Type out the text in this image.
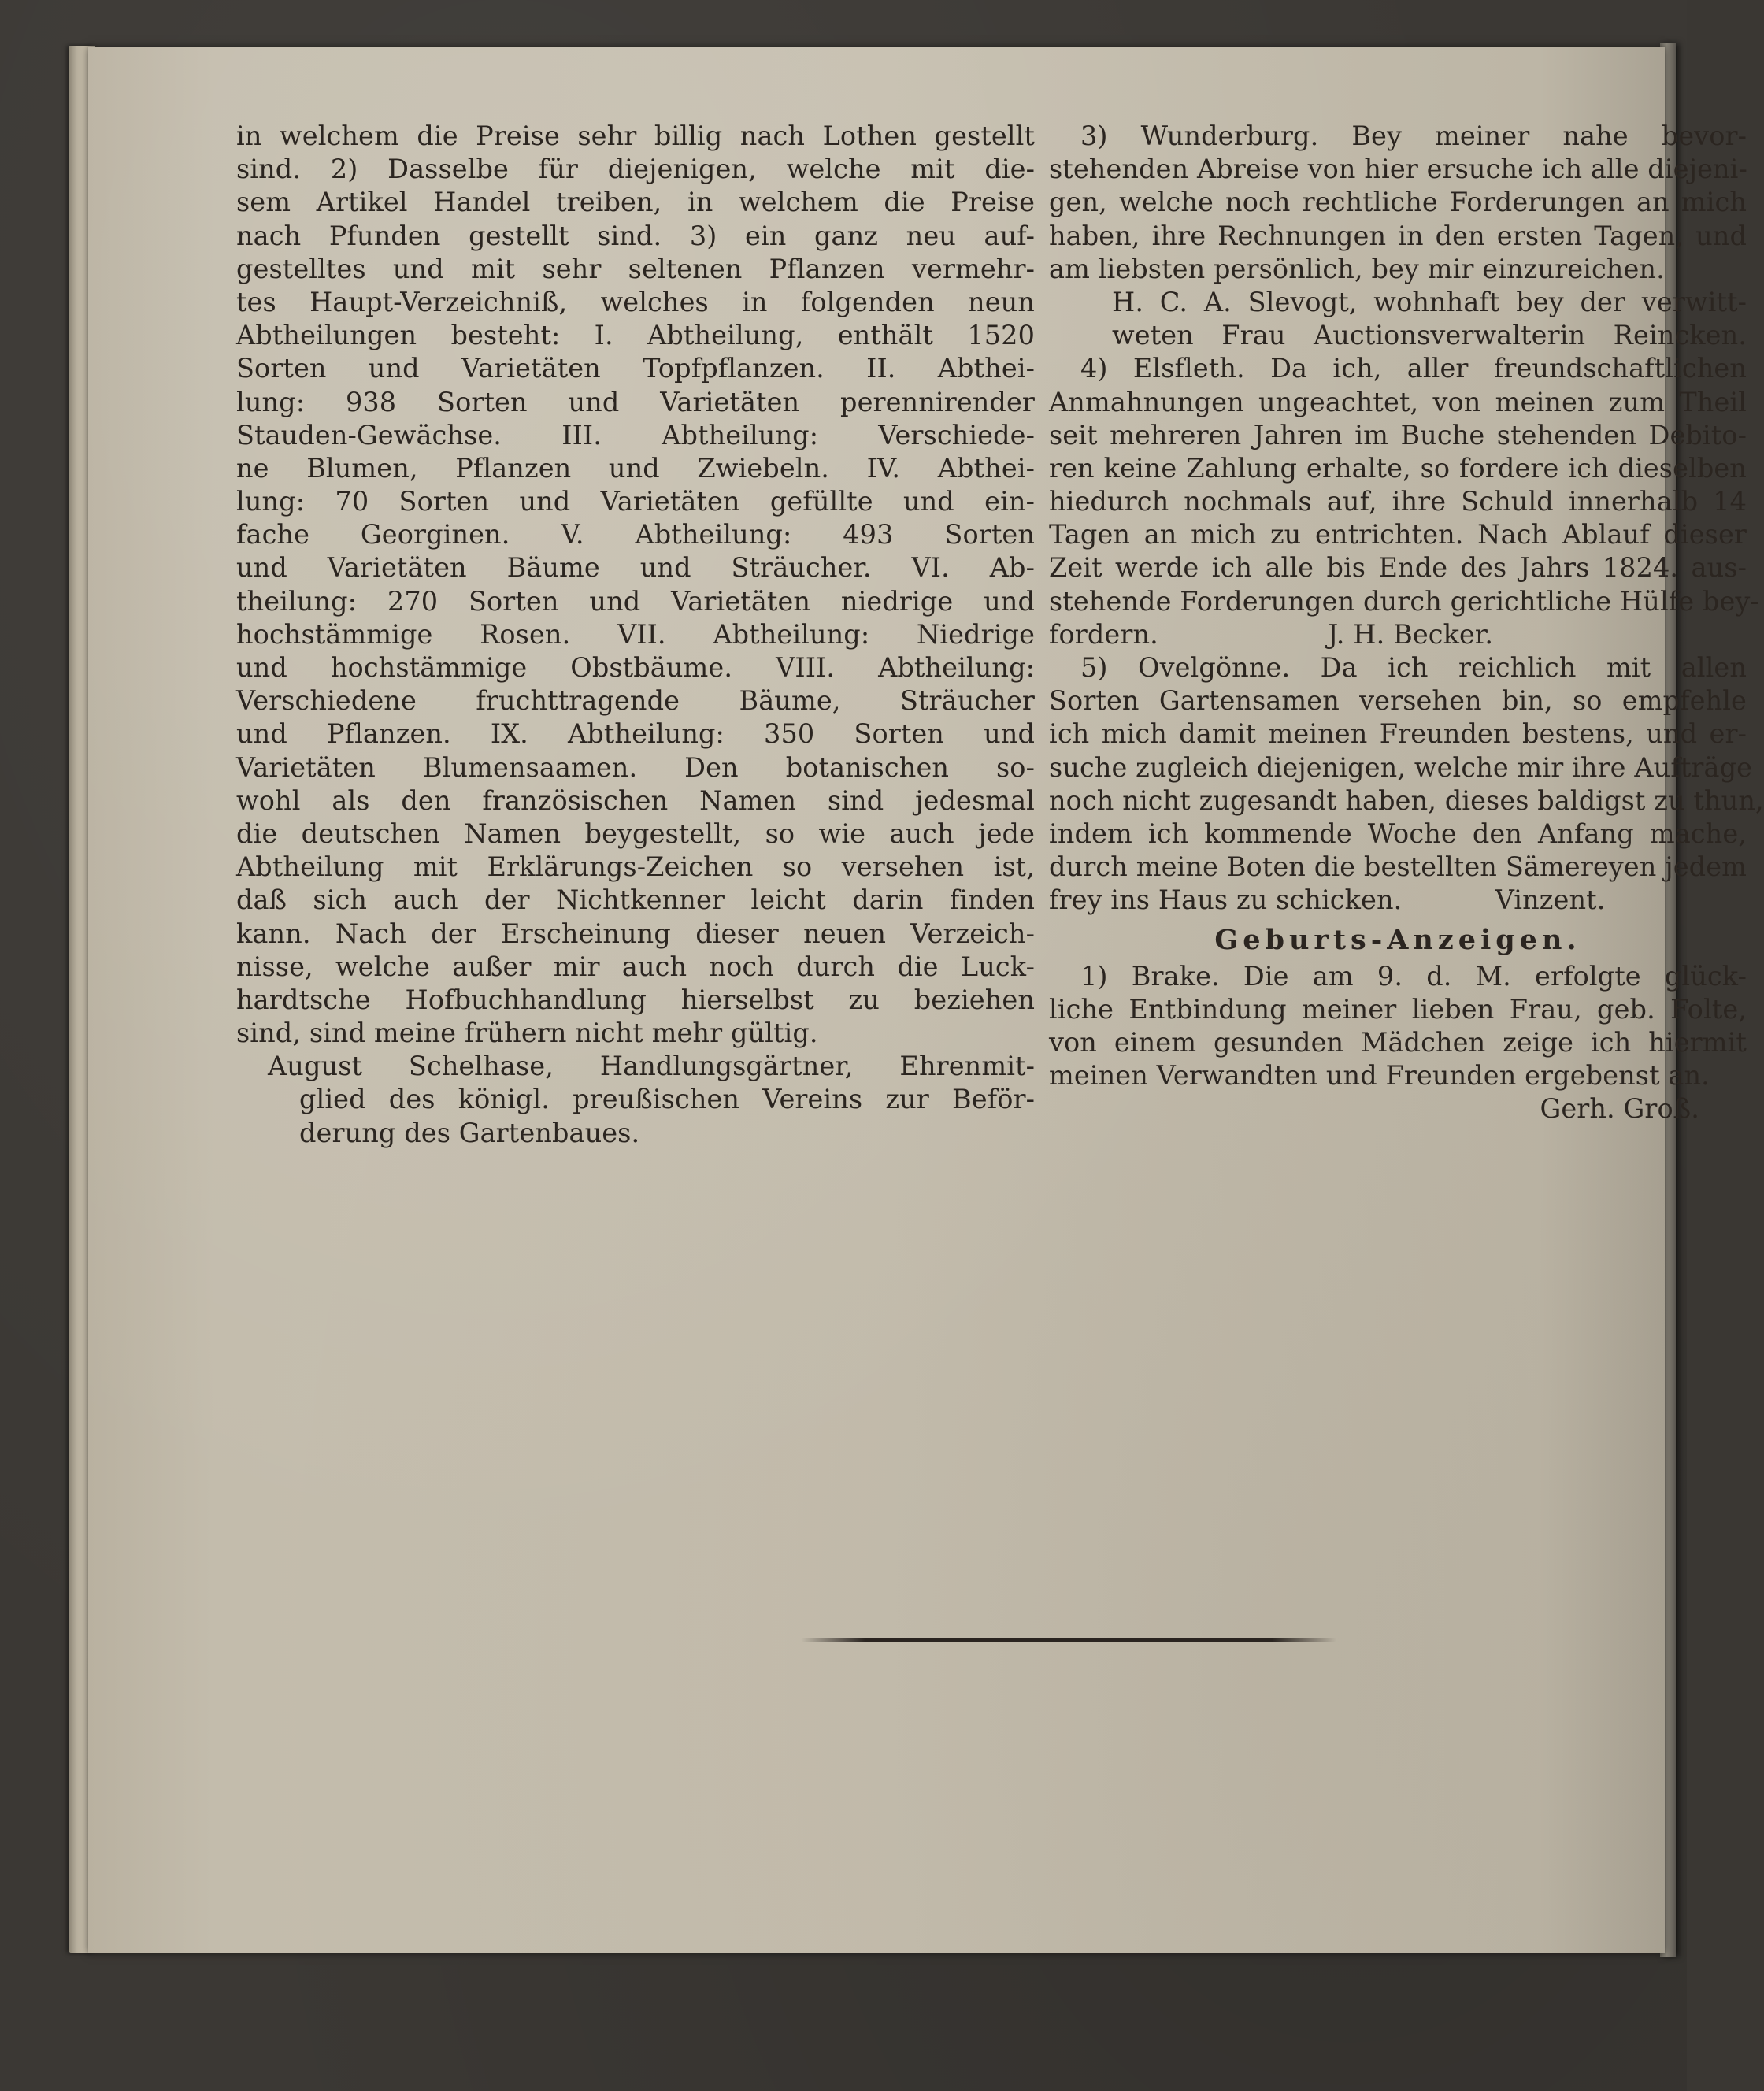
in welchem die Preise sehr billig nach Lothen gestellt
sind. 2) Dasselbe für diejenigen, welche mit die-
sem Artikel Handel treiben, in welchem die Preise
nach Pfunden gestellt sind. 3) ein ganz neu auf-
gestelltes und mit sehr seltenen Pflanzen vermehr-
tes Haupt-Verzeichniß, welches in folgenden neun
Abtheilungen besteht: I. Abtheilung, enthält 1520
Sorten und Varietäten Topfpflanzen. II. Abthei-
lung: 938 Sorten und Varietäten perennirender
Stauden-Gewächse. III. Abtheilung: Verschiede-
ne Blumen, Pflanzen und Zwiebeln. IV. Abthei-
lung: 70 Sorten und Varietäten gefüllte und ein-
fache Georginen. V. Abtheilung: 493 Sorten
und Varietäten Bäume und Sträucher. VI. Ab-
theilung: 270 Sorten und Varietäten niedrige und
hochstämmige Rosen. VII. Abtheilung: Niedrige
und hochstämmige Obstbäume. VIII. Abtheilung:
Verschiedene fruchttragende Bäume, Sträucher
und Pflanzen. IX. Abtheilung: 350 Sorten und
Varietäten Blumensaamen. Den botanischen so-
wohl als den französischen Namen sind jedesmal
die deutschen Namen beygestellt, so wie auch jede
Abtheilung mit Erklärungs-Zeichen so versehen ist,
daß sich auch der Nichtkenner leicht darin finden
kann. Nach der Erscheinung dieser neuen Verzeich-
nisse, welche außer mir auch noch durch die Luck-
hardtsche Hofbuchhandlung hierselbst zu beziehen
sind, sind meine frühern nicht mehr gültig.
August Schelhase, Handlungsgärtner, Ehrenmit-
glied des königl. preußischen Vereins zur Beför-
derung des Gartenbaues.
3) Wunderburg. Bey meiner nahe bevor-
stehenden Abreise von hier ersuche ich alle diejeni-
gen, welche noch rechtliche Forderungen an mich
haben, ihre Rechnungen in den ersten Tagen, und
am liebsten persönlich, bey mir einzureichen.
H. C. A. Slevogt, wohnhaft bey der verwitt-
weten Frau Auctionsverwalterin Reincken.
4) Elsfleth. Da ich, aller freundschaftlichen
Anmahnungen ungeachtet, von meinen zum Theil
seit mehreren Jahren im Buche stehenden Debito-
ren keine Zahlung erhalte, so fordere ich dieselben
hiedurch nochmals auf, ihre Schuld innerhalb 14
Tagen an mich zu entrichten. Nach Ablauf dieser
Zeit werde ich alle bis Ende des Jahrs 1824. aus-
stehende Forderungen durch gerichtliche Hülfe bey-
fordern.                    J. H. Becker.
5) Ovelgönne. Da ich reichlich mit allen
Sorten Gartensamen versehen bin, so empfehle
ich mich damit meinen Freunden bestens, und er-
suche zugleich diejenigen, welche mir ihre Aufträge
noch nicht zugesandt haben, dieses baldigst zu thun,
indem ich kommende Woche den Anfang mache,
durch meine Boten die bestellten Sämereyen jedem
frey ins Haus zu schicken.           Vinzent.
Geburts-Anzeigen.
1) Brake. Die am 9. d. M. erfolgte glück-
liche Entbindung meiner lieben Frau, geb. Folte,
von einem gesunden Mädchen zeige ich hiermit
meinen Verwandten und Freunden ergebenst an.
Gerh. Groß.
